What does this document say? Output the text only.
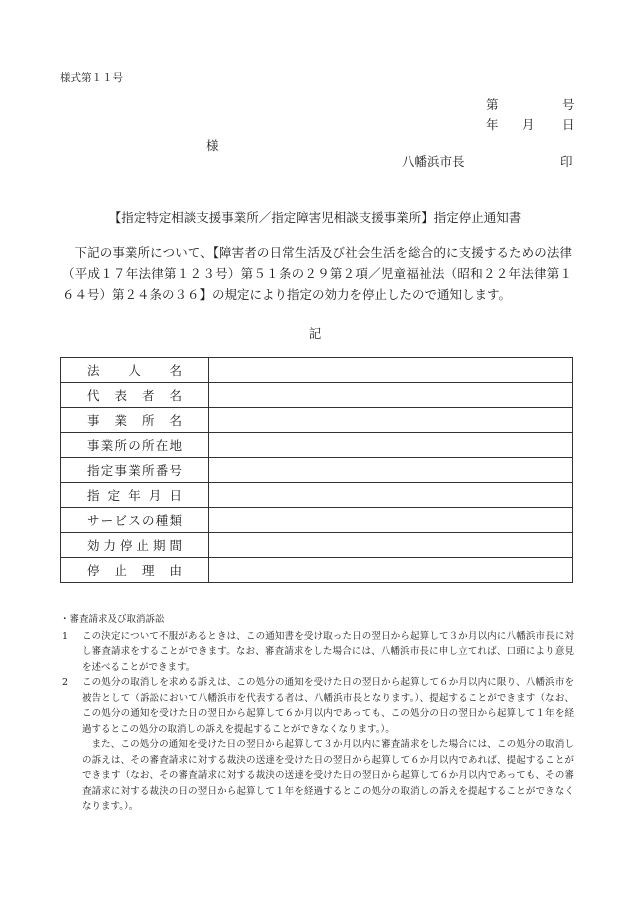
様式第１１号
第	号
年 月 日
様
八幡浜市長	印
【指定特定相談支援事業所／指定障害児相談支援事業所】指定停止通知書
下記の事業所について、【障害者の日常生活及び社会生活を総合的に支援するための法律（平成１７年法律第１２３号）第５１条の２９第２項／児童福祉法（昭和２２年法律第１６４号）第２４条の３６】の規定により指定の効力を停止したので通知します。
記
法人名	
代表者名	
事業所名	
事業所の所在地	
指定事業所番号	
指定年月日	
サービスの種類	
効力停止期間	
停止理由	
・審査請求及び取消訴訟
1 この決定について不服があるときは、この通知書を受け取った日の翌日から起算して３か月以内に八幡浜市長に対し審査請求をすることができます。なお、審査請求をした場合には、八幡浜市長に申し立てれば、口頭により意見を述べることができます。
2 この処分の取消しを求める訴えは、この処分の通知を受けた日の翌日から起算して６か月以内に限り、八幡浜市を被告として（訴訟において八幡浜市を代表する者は、八幡浜市長となります。）、提起することができます（なお、この処分の通知を受けた日の翌日から起算して６か月以内であっても、この処分の日の翌日から起算して１年を経過するとこの処分の取消しの訴えを提起することができなくなります。）。
また、この処分の通知を受けた日の翌日から起算して３か月以内に審査請求をした場合には、この処分の取消しの訴えは、その審査請求に対する裁決の送達を受けた日の翌日から起算して６か月以内であれば、提起することができます（なお、その審査請求に対する裁決の送達を受けた日の翌日から起算して６か月以内であっても、その審査請求に対する裁決の日の翌日から起算して１年を経過するとこの処分の取消しの訴えを提起することができなくなります。）。
